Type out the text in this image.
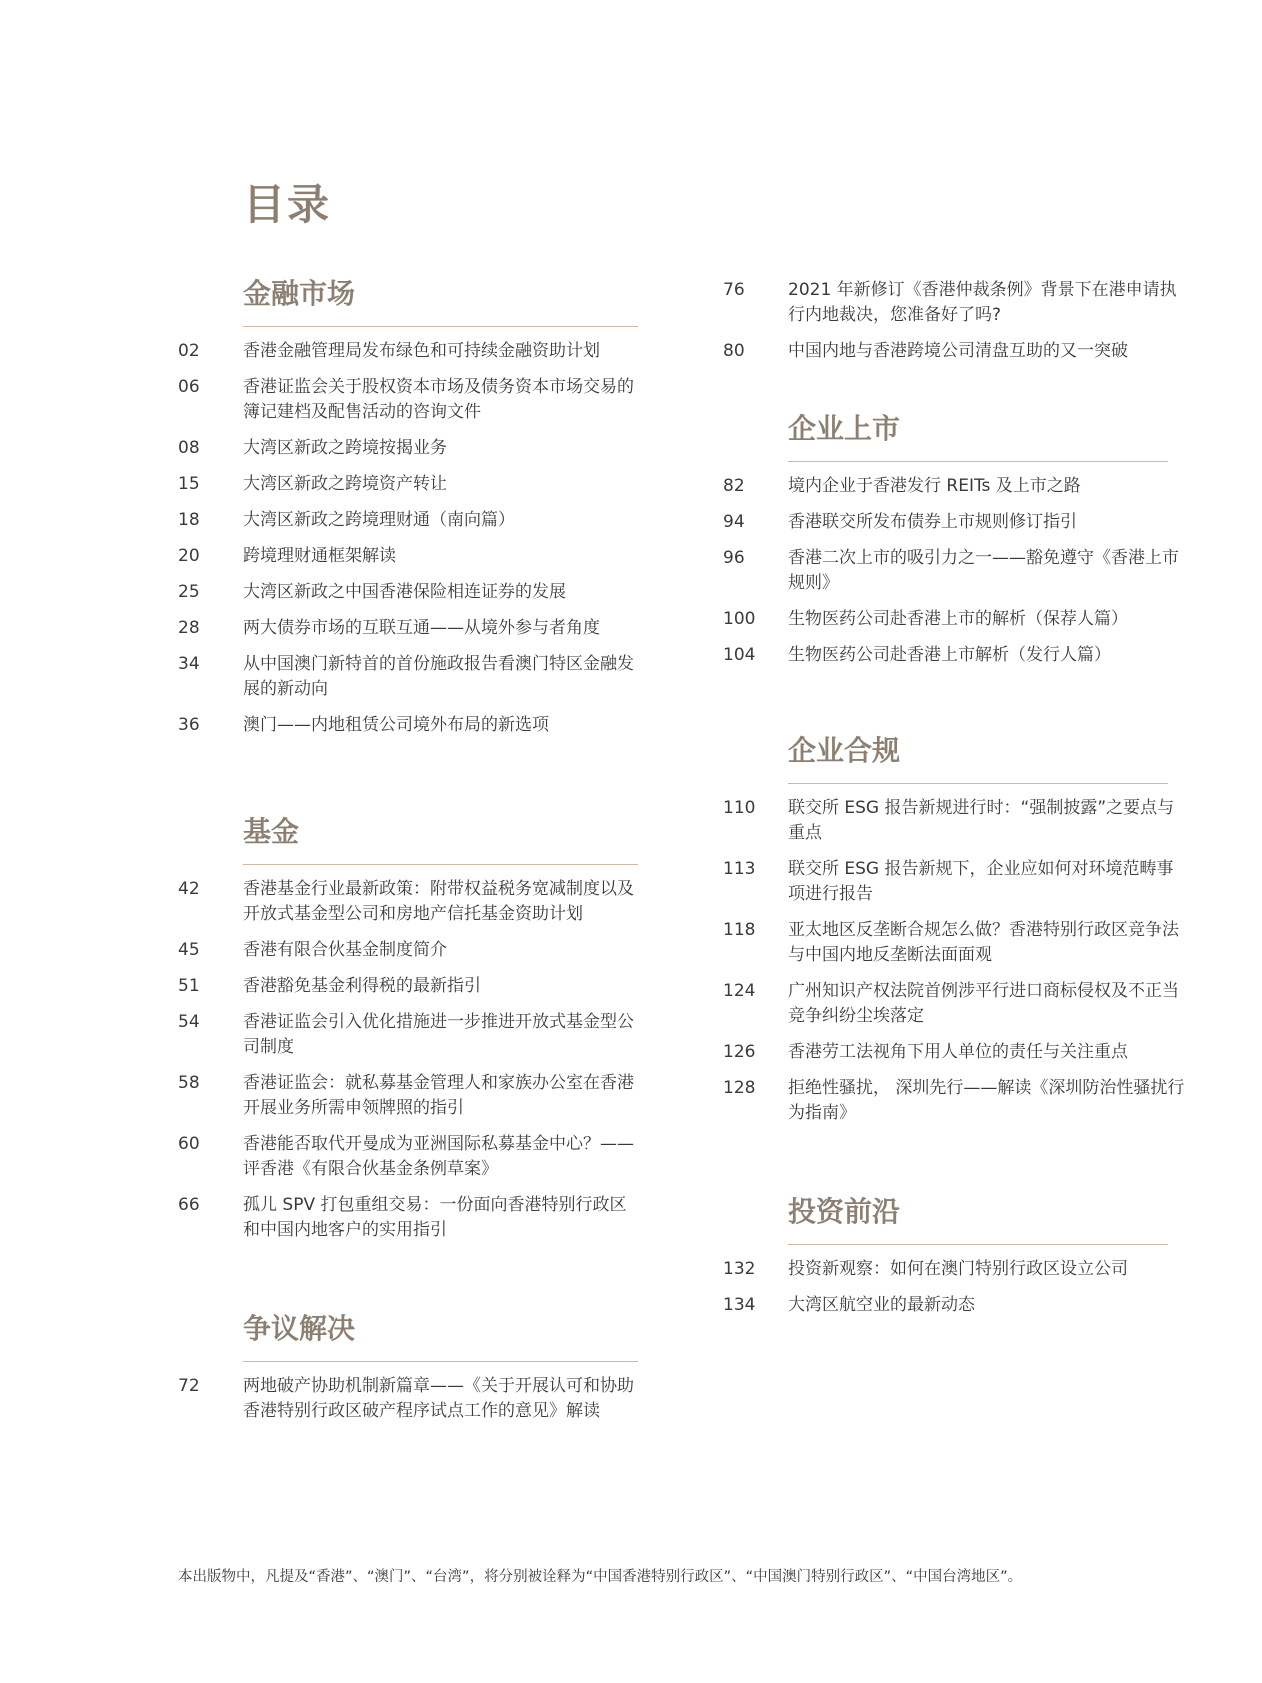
目录
金融市场
02	香港金融管理局发布绿色和可持续金融资助计划
06	香港证监会关于股权资本市场及债务资本市场交易的簿记建档及配售活动的咨询文件
08	大湾区新政之跨境按揭业务
15	大湾区新政之跨境资产转让
18	大湾区新政之跨境理财通（南向篇）
20	跨境理财通框架解读
25	大湾区新政之中国香港保险相连证券的发展
28	两大债券市场的互联互通——从境外参与者角度
34	从中国澳门新特首的首份施政报告看澳门特区金融发展的新动向
36	澳门——内地租赁公司境外布局的新选项
基金
42	香港基金行业最新政策：附带权益税务宽减制度以及开放式基金型公司和房地产信托基金资助计划
45	香港有限合伙基金制度简介
51	香港豁免基金利得税的最新指引
54	香港证监会引入优化措施进一步推进开放式基金型公司制度
58	香港证监会：就私募基金管理人和家族办公室在香港开展业务所需申领牌照的指引
60	香港能否取代开曼成为亚洲国际私募基金中心？—— 评香港《有限合伙基金条例草案》
66	孤儿 SPV 打包重组交易：一份面向香港特别行政区和中国内地客户的实用指引
争议解决
72	两地破产协助机制新篇章——《关于开展认可和协助香港特别行政区破产程序试点工作的意见》解读
76	2021 年新修订《香港仲裁条例》背景下在港申请执行内地裁决，您准备好了吗?
80	中国内地与香港跨境公司清盘互助的又一突破
企业上市
82	境内企业于香港发行 REITs 及上市之路
94	香港联交所发布债券上市规则修订指引
96	香港二次上市的吸引力之一——豁免遵守《香港上市规则》
100	生物医药公司赴香港上市的解析（保荐人篇）
104	生物医药公司赴香港上市解析（发行人篇）
企业合规
110	联交所 ESG 报告新规进行时：“强制披露”之要点与重点
113	联交所 ESG 报告新规下，企业应如何对环境范畴事项进行报告
118	亚太地区反垄断合规怎么做？香港特别行政区竞争法与中国内地反垄断法面面观
124	广州知识产权法院首例涉平行进口商标侵权及不正当竞争纠纷尘埃落定
126	香港劳工法视角下用人单位的责任与关注重点
128	拒绝性骚扰， 深圳先行——解读《深圳防治性骚扰行为指南》
投资前沿
132	投资新观察：如何在澳门特别行政区设立公司
134	大湾区航空业的最新动态
本出版物中，凡提及“香港”、“澳门”、“台湾”，将分别被诠释为“中国香港特别行政区”、“中国澳门特别行政区”、“中国台湾地区”。
